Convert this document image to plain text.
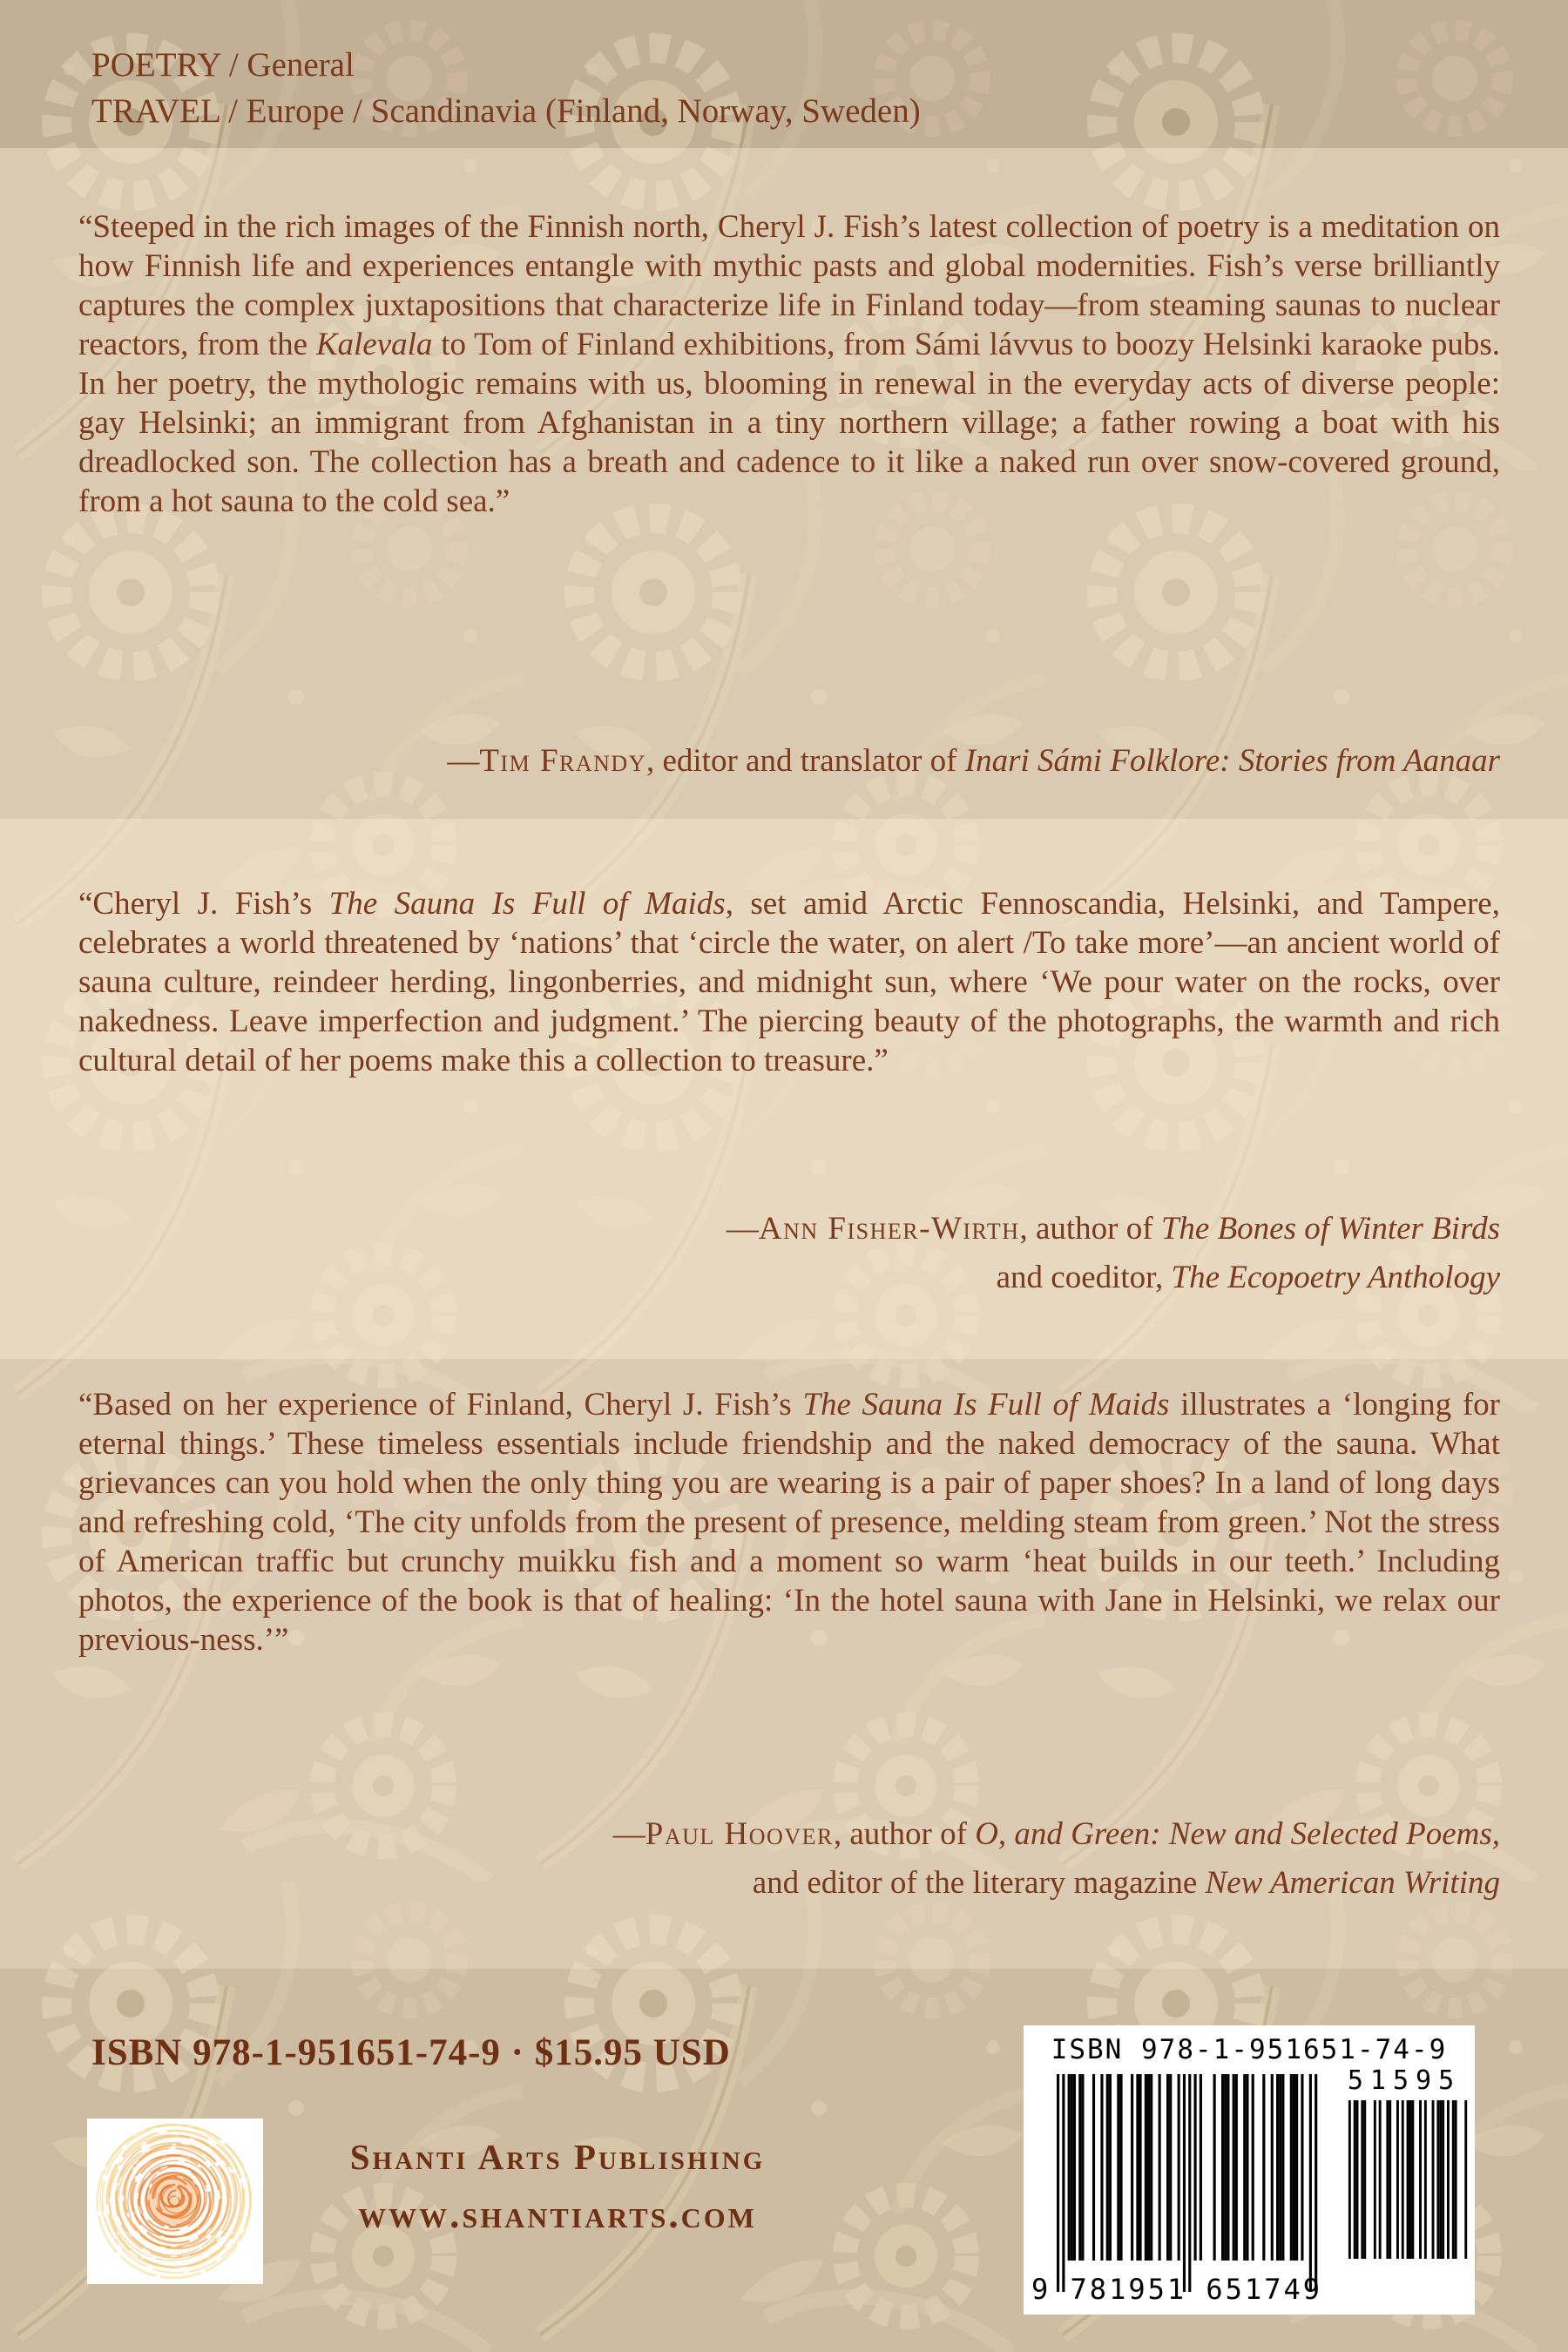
POETRY / General
TRAVEL / Europe / Scandinavia (Finland, Norway, Sweden)
“Steeped in the rich images of the Finnish north, Cheryl J. Fish’s latest collection of poetry is a meditation on how Finnish life and experiences entangle with mythic pasts and global modernities. Fish’s verse brilliantly captures the complex juxtapositions that characterize life in Finland today—from steaming saunas to nuclear reactors, from the Kalevala to Tom of Finland exhibitions, from Sámi lávvus to boozy Helsinki karaoke pubs. In her poetry, the mythologic remains with us, blooming in renewal in the everyday acts of diverse people: gay Helsinki; an immigrant from Afghanistan in a tiny northern village; a father rowing a boat with his dreadlocked son. The collection has a breath and cadence to it like a naked run over snow-covered ground, from a hot sauna to the cold sea.”
—Tim Frandy, editor and translator of Inari Sámi Folklore: Stories from Aanaar
“Cheryl J. Fish’s The Sauna Is Full of Maids, set amid Arctic Fennoscandia, Helsinki, and Tampere, celebrates a world threatened by ‘nations’ that ‘circle the water, on alert /To take more’—an ancient world of sauna culture, reindeer herding, lingonberries, and midnight sun, where ‘We pour water on the rocks, over nakedness. Leave imperfection and judgment.’ The piercing beauty of the photographs, the warmth and rich cultural detail of her poems make this a collection to treasure.”
—Ann Fisher-Wirth, author of The Bones of Winter Birds
and coeditor, The Ecopoetry Anthology
“Based on her experience of Finland, Cheryl J. Fish’s The Sauna Is Full of Maids illustrates a ‘longing for eternal things.’ These timeless essentials include friendship and the naked democracy of the sauna. What grievances can you hold when the only thing you are wearing is a pair of paper shoes? In a land of long days and refreshing cold, ‘The city unfolds from the present of presence, melding steam from green.’ Not the stress of American traffic but crunchy muikku fish and a moment so warm ‘heat builds in our teeth.’ Including photos, the experience of the book is that of healing: ‘In the hotel sauna with Jane in Helsinki, we relax our previous-ness.’”
—Paul Hoover, author of O, and Green: New and Selected Poems,
and editor of the literary magazine New American Writing
ISBN 978-1-951651-74-9 · $15.95 USD
Shanti Arts Publishing
www.shantiarts.com
ISBN 978-1-951651-74-9
9 781951 651749
51595
